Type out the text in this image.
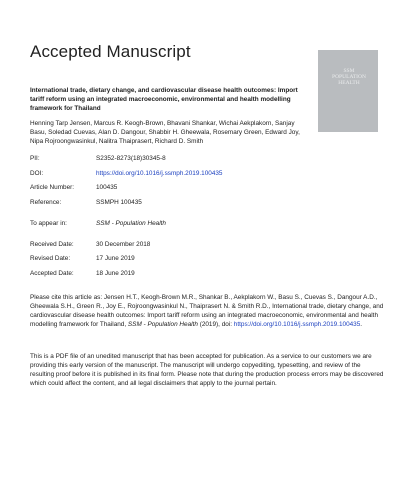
Accepted Manuscript
SSM
POPULATION
HEALTH
International trade, dietary change, and cardiovascular disease health outcomes: Import tariff reform using an integrated macroeconomic, environmental and health modelling framework for Thailand
Henning Tarp Jensen, Marcus R. Keogh-Brown, Bhavani Shankar, Wichai Aekplakorn, Sanjay Basu, Soledad Cuevas, Alan D. Dangour, Shabbir H. Gheewala, Rosemary Green, Edward Joy, Nipa Rojroongwasinkul, Nalitra Thaiprasert, Richard D. Smith
PII:	S2352-8273(18)30345-8
DOI:	https://doi.org/10.1016/j.ssmph.2019.100435
Article Number:	100435
Reference:	SSMPH 100435
To appear in:	SSM - Population Health
Received Date:	30 December 2018
Revised Date:	17 June 2019
Accepted Date:	18 June 2019
Please cite this article as: Jensen H.T., Keogh-Brown M.R., Shankar B., Aekplakorn W., Basu S., Cuevas S., Dangour A.D., Gheewala S.H., Green R., Joy E., Rojroongwasinkul N., Thaiprasert N. & Smith R.D., International trade, dietary change, and cardiovascular disease health outcomes: Import tariff reform using an integrated macroeconomic, environmental and health modelling framework for Thailand, SSM - Population Health (2019), doi: https://doi.org/10.1016/j.ssmph.2019.100435.
This is a PDF file of an unedited manuscript that has been accepted for publication. As a service to our customers we are providing this early version of the manuscript. The manuscript will undergo copyediting, typesetting, and review of the resulting proof before it is published in its final form. Please note that during the production process errors may be discovered which could affect the content, and all legal disclaimers that apply to the journal pertain.
